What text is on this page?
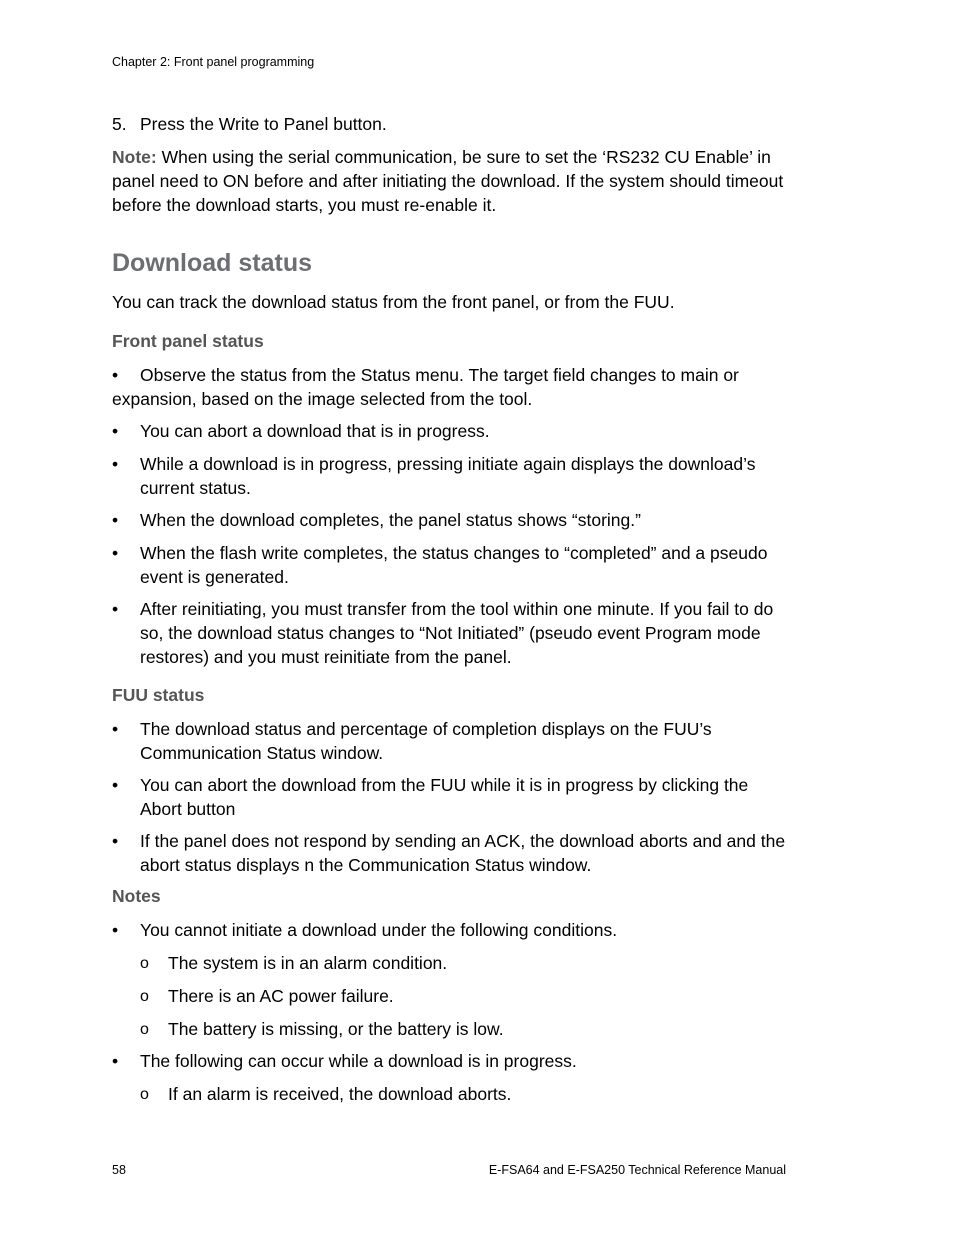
Chapter 2: Front panel programming

5. Press the Write to Panel button.

Note: When using the serial communication, be sure to set the ‘RS232 CU Enable’ in panel need to ON before and after initiating the download. If the system should timeout before the download starts, you must re-enable it.

Download status

You can track the download status from the front panel, or from the FUU.

Front panel status
•	Observe the status from the Status menu. The target field changes to main or expansion, based on the image selected from the tool.
•	You can abort a download that is in progress.
•	While a download is in progress, pressing initiate again displays the download’s current status.
•	When the download completes, the panel status shows “storing.”
•	When the flash write completes, the status changes to “completed” and a pseudo event is generated.
•	After reinitiating, you must transfer from the tool within one minute. If you fail to do so, the download status changes to “Not Initiated” (pseudo event Program mode restores) and you must reinitiate from the panel.
FUU status
•	The download status and percentage of completion displays on the FUU’s Communication Status window.
•	You can abort the download from the FUU while it is in progress by clicking the Abort button
•	If the panel does not respond by sending an ACK, the download aborts and and the abort status displays n the Communication Status window.
Notes
•	You cannot initiate a download under the following conditions.
o	The system is in an alarm condition.
o	There is an AC power failure.
o	The battery is missing, or the battery is low.
•	The following can occur while a download is in progress.
o	If an alarm is received, the download aborts.
58	E-FSA64 and E-FSA250 Technical Reference Manual
